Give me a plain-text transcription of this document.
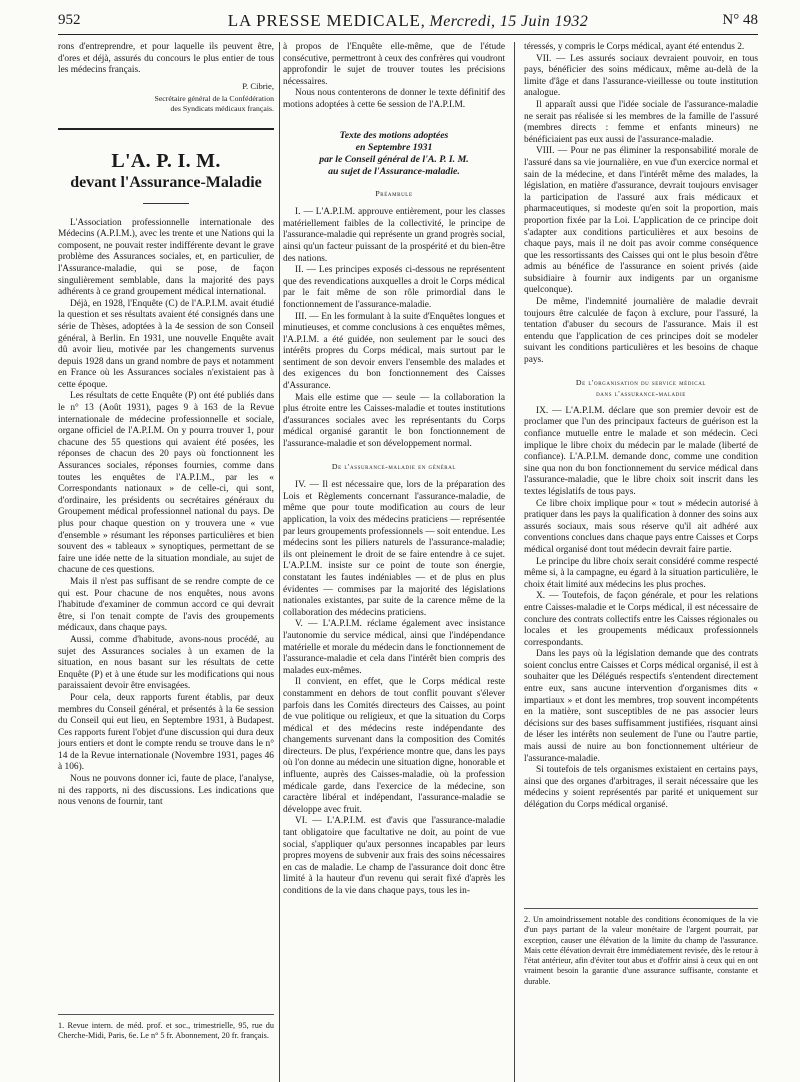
952	LA PRESSE MEDICALE, Mercredi, 15 Juin 1932	N° 48

rons d'entreprendre, et pour laquelle ils peuvent être, d'ores et déjà, assurés du concours le plus entier de tous les médecins français.

P. Cibrie,
Secrétaire général de la Confédération
des Syndicats médicaux français.
L'A. P. I. M.
devant l'Assurance-Maladie

L'Association professionnelle internationale des Médecins (A.P.I.M.), avec les trente et une Nations qui la composent, ne pouvait rester indifférente devant le grave problème des Assurances sociales, et, en particulier, de l'Assurance-maladie, qui se pose, de façon singulièrement semblable, dans la majorité des pays adhérents à ce grand groupement médical international.

Déjà, en 1928, l'Enquête (C) de l'A.P.I.M. avait étudié la question et ses résultats avaient été consignés dans une série de Thèses, adoptées à la 4e session de son Conseil général, à Berlin. En 1931, une nouvelle Enquête avait dû avoir lieu, motivée par les changements survenus depuis 1928 dans un grand nombre de pays et notamment en France où les Assurances sociales n'existaient pas à cette époque.

Les résultats de cette Enquête (P) ont été publiés dans le n° 13 (Août 1931), pages 9 à 163 de la Revue internationale de médecine professionnelle et sociale, organe officiel de l'A.P.I.M. On y pourra trouver 1, pour chacune des 55 questions qui avaient été posées, les réponses de chacun des 20 pays où fonctionnent les Assurances sociales, réponses fournies, comme dans toutes les enquêtes de l'A.P.I.M., par les « Correspondants nationaux » de celle-ci, qui sont, d'ordinaire, les présidents ou secrétaires généraux du Groupement médical professionnel national du pays. De plus pour chaque question on y trouvera une « vue d'ensemble » résumant les réponses particulières et bien souvent des « tableaux » synoptiques, permettant de se faire une idée nette de la situation mondiale, au sujet de chacune de ces questions.

Mais il n'est pas suffisant de se rendre compte de ce qui est. Pour chacune de nos enquêtes, nous avons l'habitude d'examiner de commun accord ce qui devrait être, si l'on tenait compte de l'avis des groupements médicaux, dans chaque pays.

Aussi, comme d'habitude, avons-nous procédé, au sujet des Assurances sociales à un examen de la situation, en nous basant sur les résultats de cette Enquête (P) et à une étude sur les modifications qui nous paraissaient devoir être envisagées.

Pour cela, deux rapports furent établis, par deux membres du Conseil général, et présentés à la 6e session du Conseil qui eut lieu, en Septembre 1931, à Budapest. Ces rapports furent l'objet d'une discussion qui dura deux jours entiers et dont le compte rendu se trouve dans le n° 14 de la Revue internationale (Novembre 1931, pages 46 à 106).

Nous ne pouvons donner ici, faute de place, l'analyse, ni des rapports, ni des discussions. Les indications que nous venons de fournir, tant

1. Revue intern. de méd. prof. et soc., trimestrielle, 95, rue du Cherche-Midi, Paris, 6e. Le n° 5 fr. Abonnement, 20 fr. français.

à propos de l'Enquête elle-même, que de l'étude consécutive, permettront à ceux des confrères qui voudront approfondir le sujet de trouver toutes les précisions nécessaires.

Nous nous contenterons de donner le texte définitif des motions adoptées à cette 6e session de l'A.P.I.M.

Texte des motions adoptées
en Septembre 1931
par le Conseil général de l'A. P. I. M.
au sujet de l'Assurance-maladie.
Préambule

I. — L'A.P.I.M. approuve entièrement, pour les classes matériellement faibles de la collectivité, le principe de l'assurance-maladie qui représente un grand progrès social, ainsi qu'un facteur puissant de la prospérité et du bien-être des nations.

II. — Les principes exposés ci-dessous ne représentent que des revendications auxquelles a droit le Corps médical par le fait même de son rôle primordial dans le fonctionnement de l'assurance-maladie.

III. — En les formulant à la suite d'Enquêtes longues et minutieuses, et comme conclusions à ces enquêtes mêmes, l'A.P.I.M. a été guidée, non seulement par le souci des intérêts propres du Corps médical, mais surtout par le sentiment de son devoir envers l'ensemble des malades et des exigences du bon fonctionnement des Caisses d'Assurance.

Mais elle estime que — seule — la collaboration la plus étroite entre les Caisses-maladie et toutes institutions d'assurances sociales avec les représentants du Corps médical organisé garantit le bon fonctionnement de l'assurance-maladie et son développement normal.

De l'assurance-maladie en général

IV. — Il est nécessaire que, lors de la préparation des Lois et Règlements concernant l'assurance-maladie, de même que pour toute modification au cours de leur application, la voix des médecins praticiens — représentée par leurs groupements professionnels — soit entendue. Les médecins sont les piliers naturels de l'assurance-maladie; ils ont pleinement le droit de se faire entendre à ce sujet. L'A.P.I.M. insiste sur ce point de toute son énergie, constatant les fautes indéniables — et de plus en plus évidentes — commises par la majorité des législations nationales existantes, par suite de la carence même de la collaboration des médecins praticiens.

V. — L'A.P.I.M. réclame également avec insistance l'autonomie du service médical, ainsi que l'indépendance matérielle et morale du médecin dans le fonctionnement de l'assurance-maladie et cela dans l'intérêt bien compris des malades eux-mêmes.

Il convient, en effet, que le Corps médical reste constamment en dehors de tout conflit pouvant s'élever parfois dans les Comités directeurs des Caisses, au point de vue politique ou religieux, et que la situation du Corps médical et des médecins reste indépendante des changements survenant dans la composition des Comités directeurs. De plus, l'expérience montre que, dans les pays où l'on donne au médecin une situation digne, honorable et influente, auprès des Caisses-maladie, où la profession médicale garde, dans l'exercice de la médecine, son caractère libéral et indépendant, l'assurance-maladie se développe avec fruit.

VI. — L'A.P.I.M. est d'avis que l'assurance-maladie tant obligatoire que facultative ne doit, au point de vue social, s'appliquer qu'aux personnes incapables par leurs propres moyens de subvenir aux frais des soins nécessaires en cas de maladie. Le champ de l'assurance doit donc être limité à la hauteur d'un revenu qui serait fixé d'après les conditions de la vie dans chaque pays, tous les in-

téressés, y compris le Corps médical, ayant été entendus 2.

VII. — Les assurés sociaux devraient pouvoir, en tous pays, bénéficier des soins médicaux, même au-delà de la limite d'âge et dans l'assurance-vieillesse ou toute institution analogue.

Il apparaît aussi que l'idée sociale de l'assurance-maladie ne serait pas réalisée si les membres de la famille de l'assuré (membres directs : femme et enfants mineurs) ne bénéficiaient pas eux aussi de l'assurance-maladie.

VIII. — Pour ne pas éliminer la responsabilité morale de l'assuré dans sa vie journalière, en vue d'un exercice normal et sain de la médecine, et dans l'intérêt même des malades, la législation, en matière d'assurance, devrait toujours envisager la participation de l'assuré aux frais médicaux et pharmaceutiques, si modeste qu'en soit la proportion, mais proportion fixée par la Loi. L'application de ce principe doit s'adapter aux conditions particulières et aux besoins de chaque pays, mais il ne doit pas avoir comme conséquence que les ressortissants des Caisses qui ont le plus besoin d'être admis au bénéfice de l'assurance en soient privés (aide subsidiaire à fournir aux indigents par un organisme quelconque).

De même, l'indemnité journalière de maladie devrait toujours être calculée de façon à exclure, pour l'assuré, la tentation d'abuser du secours de l'assurance. Mais il est entendu que l'application de ces principes doit se modeler suivant les conditions particulières et les besoins de chaque pays.

De l'organisation du service médical
dans l'assurance-maladie

IX. — L'A.P.I.M. déclare que son premier devoir est de proclamer que l'un des principaux facteurs de guérison est la confiance mutuelle entre le malade et son médecin. Ceci implique le libre choix du médecin par le malade (liberté de confiance). L'A.P.I.M. demande donc, comme une condition sine qua non du bon fonctionnement du service médical dans l'assurance-maladie, que le libre choix soit inscrit dans les textes législatifs de tous pays.

Ce libre choix implique pour « tout » médecin autorisé à pratiquer dans les pays la qualification à donner des soins aux assurés sociaux, mais sous réserve qu'il ait adhéré aux conventions conclues dans chaque pays entre Caisses et Corps médical organisé dont tout médecin devrait faire partie.

Le principe du libre choix serait considéré comme respecté même si, à la campagne, eu égard à la situation particulière, le choix était limité aux médecins les plus proches.

X. — Toutefois, de façon générale, et pour les relations entre Caisses-maladie et le Corps médical, il est nécessaire de conclure des contrats collectifs entre les Caisses régionales ou locales et les groupements médicaux professionnels correspondants.

Dans les pays où la législation demande que des contrats soient conclus entre Caisses et Corps médical organisé, il est à souhaiter que les Délégués respectifs s'entendent directement entre eux, sans aucune intervention d'organismes dits « impartiaux » et dont les membres, trop souvent incompétents en la matière, sont susceptibles de ne pas associer leurs décisions sur des bases suffisamment justifiées, risquant ainsi de léser les intérêts non seulement de l'une ou l'autre partie, mais aussi de nuire au bon fonctionnement ultérieur de l'assurance-maladie.

Si toutefois de tels organismes existaient en certains pays, ainsi que des organes d'arbitrages, il serait nécessaire que les médecins y soient représentés par parité et uniquement sur délégation du Corps médical organisé.

2. Un amoindrissement notable des conditions économiques de la vie d'un pays partant de la valeur monétaire de l'argent pourrait, par exception, causer une élévation de la limite du champ de l'assurance. Mais cette élévation devrait être immédiatement revisée, dès le retour à l'état antérieur, afin d'éviter tout abus et d'offrir ainsi à ceux qui en ont vraiment besoin la garantie d'une assurance suffisante, constante et durable.
